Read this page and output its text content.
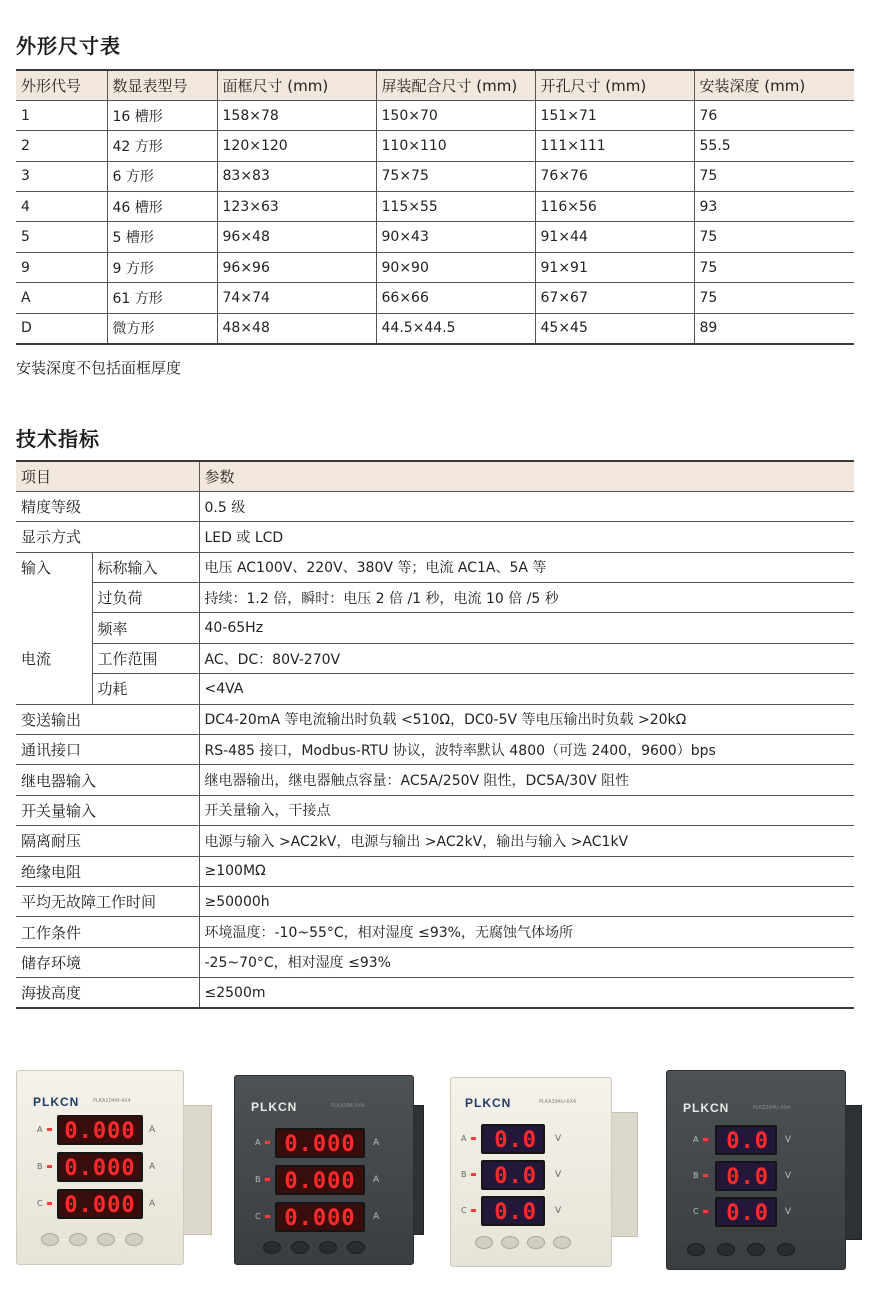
外形尺寸表
外形代号	数显表型号	面框尺寸 (mm)	屏装配合尺寸 (mm)	开孔尺寸 (mm)	安装深度 (mm)
1	16 槽形	158×78	150×70	151×71	76
2	42 方形	120×120	110×110	111×111	55.5
3	6 方形	83×83	75×75	76×76	75
4	46 槽形	123×63	115×55	116×56	93
5	5 槽形	96×48	90×43	91×44	75
9	9 方形	96×96	90×90	91×91	75
A	61 方形	74×74	66×66	67×67	75
D	微方形	48×48	44.5×44.5	45×45	89
安装深度不包括面框厚度
技术指标
项目		参数
精度等级		0.5 级
显示方式		LED 或 LCD
输入	标称输入	电压 AC100V、220V、380V 等；电流 AC1A、5A 等
	过负荷	持续：1.2 倍，瞬时：电压 2 倍 /1 秒，电流 10 倍 /5 秒
	频率	40-65Hz
电流	工作范围	AC、DC：80V-270V
	功耗	<4VA
变送输出		DC4-20mA 等电流输出时负载 <510Ω，DC0-5V 等电压输出时负载 >20kΩ
通讯接口		RS-485 接口，Modbus-RTU 协议，波特率默认 4800（可选 2400，9600）bps
继电器输入		继电器输出，继电器触点容量：AC5A/250V 阻性，DC5A/30V 阻性
开关量输入		开关量输入，干接点
隔离耐压		电源与输入 >AC2kV，电源与输出 >AC2kV，输出与输入 >AC1kV
绝缘电阻		≥100MΩ
平均无故障工作时间		≥50000h
工作条件		环境温度：-10~55°C，相对湿度 ≤93%，无腐蚀气体场所
储存环境		-25~70°C，相对湿度 ≤93%
海拔高度		≤2500m
PLKCN	PLKA204M-4X4
A
B
C
0.000
0.000
0.000
A
A
A
PLKCN	PLKA394-9X4
A
B
C
0.000
0.000
0.000
A
A
A
PLKCN	PLKA394U-6X4
A
B
C
0.0
0.0
0.0
V
V
V
PLKCN	PLKZ394U-9X4
A
B
C
0.0
0.0
0.0
V
V
V
